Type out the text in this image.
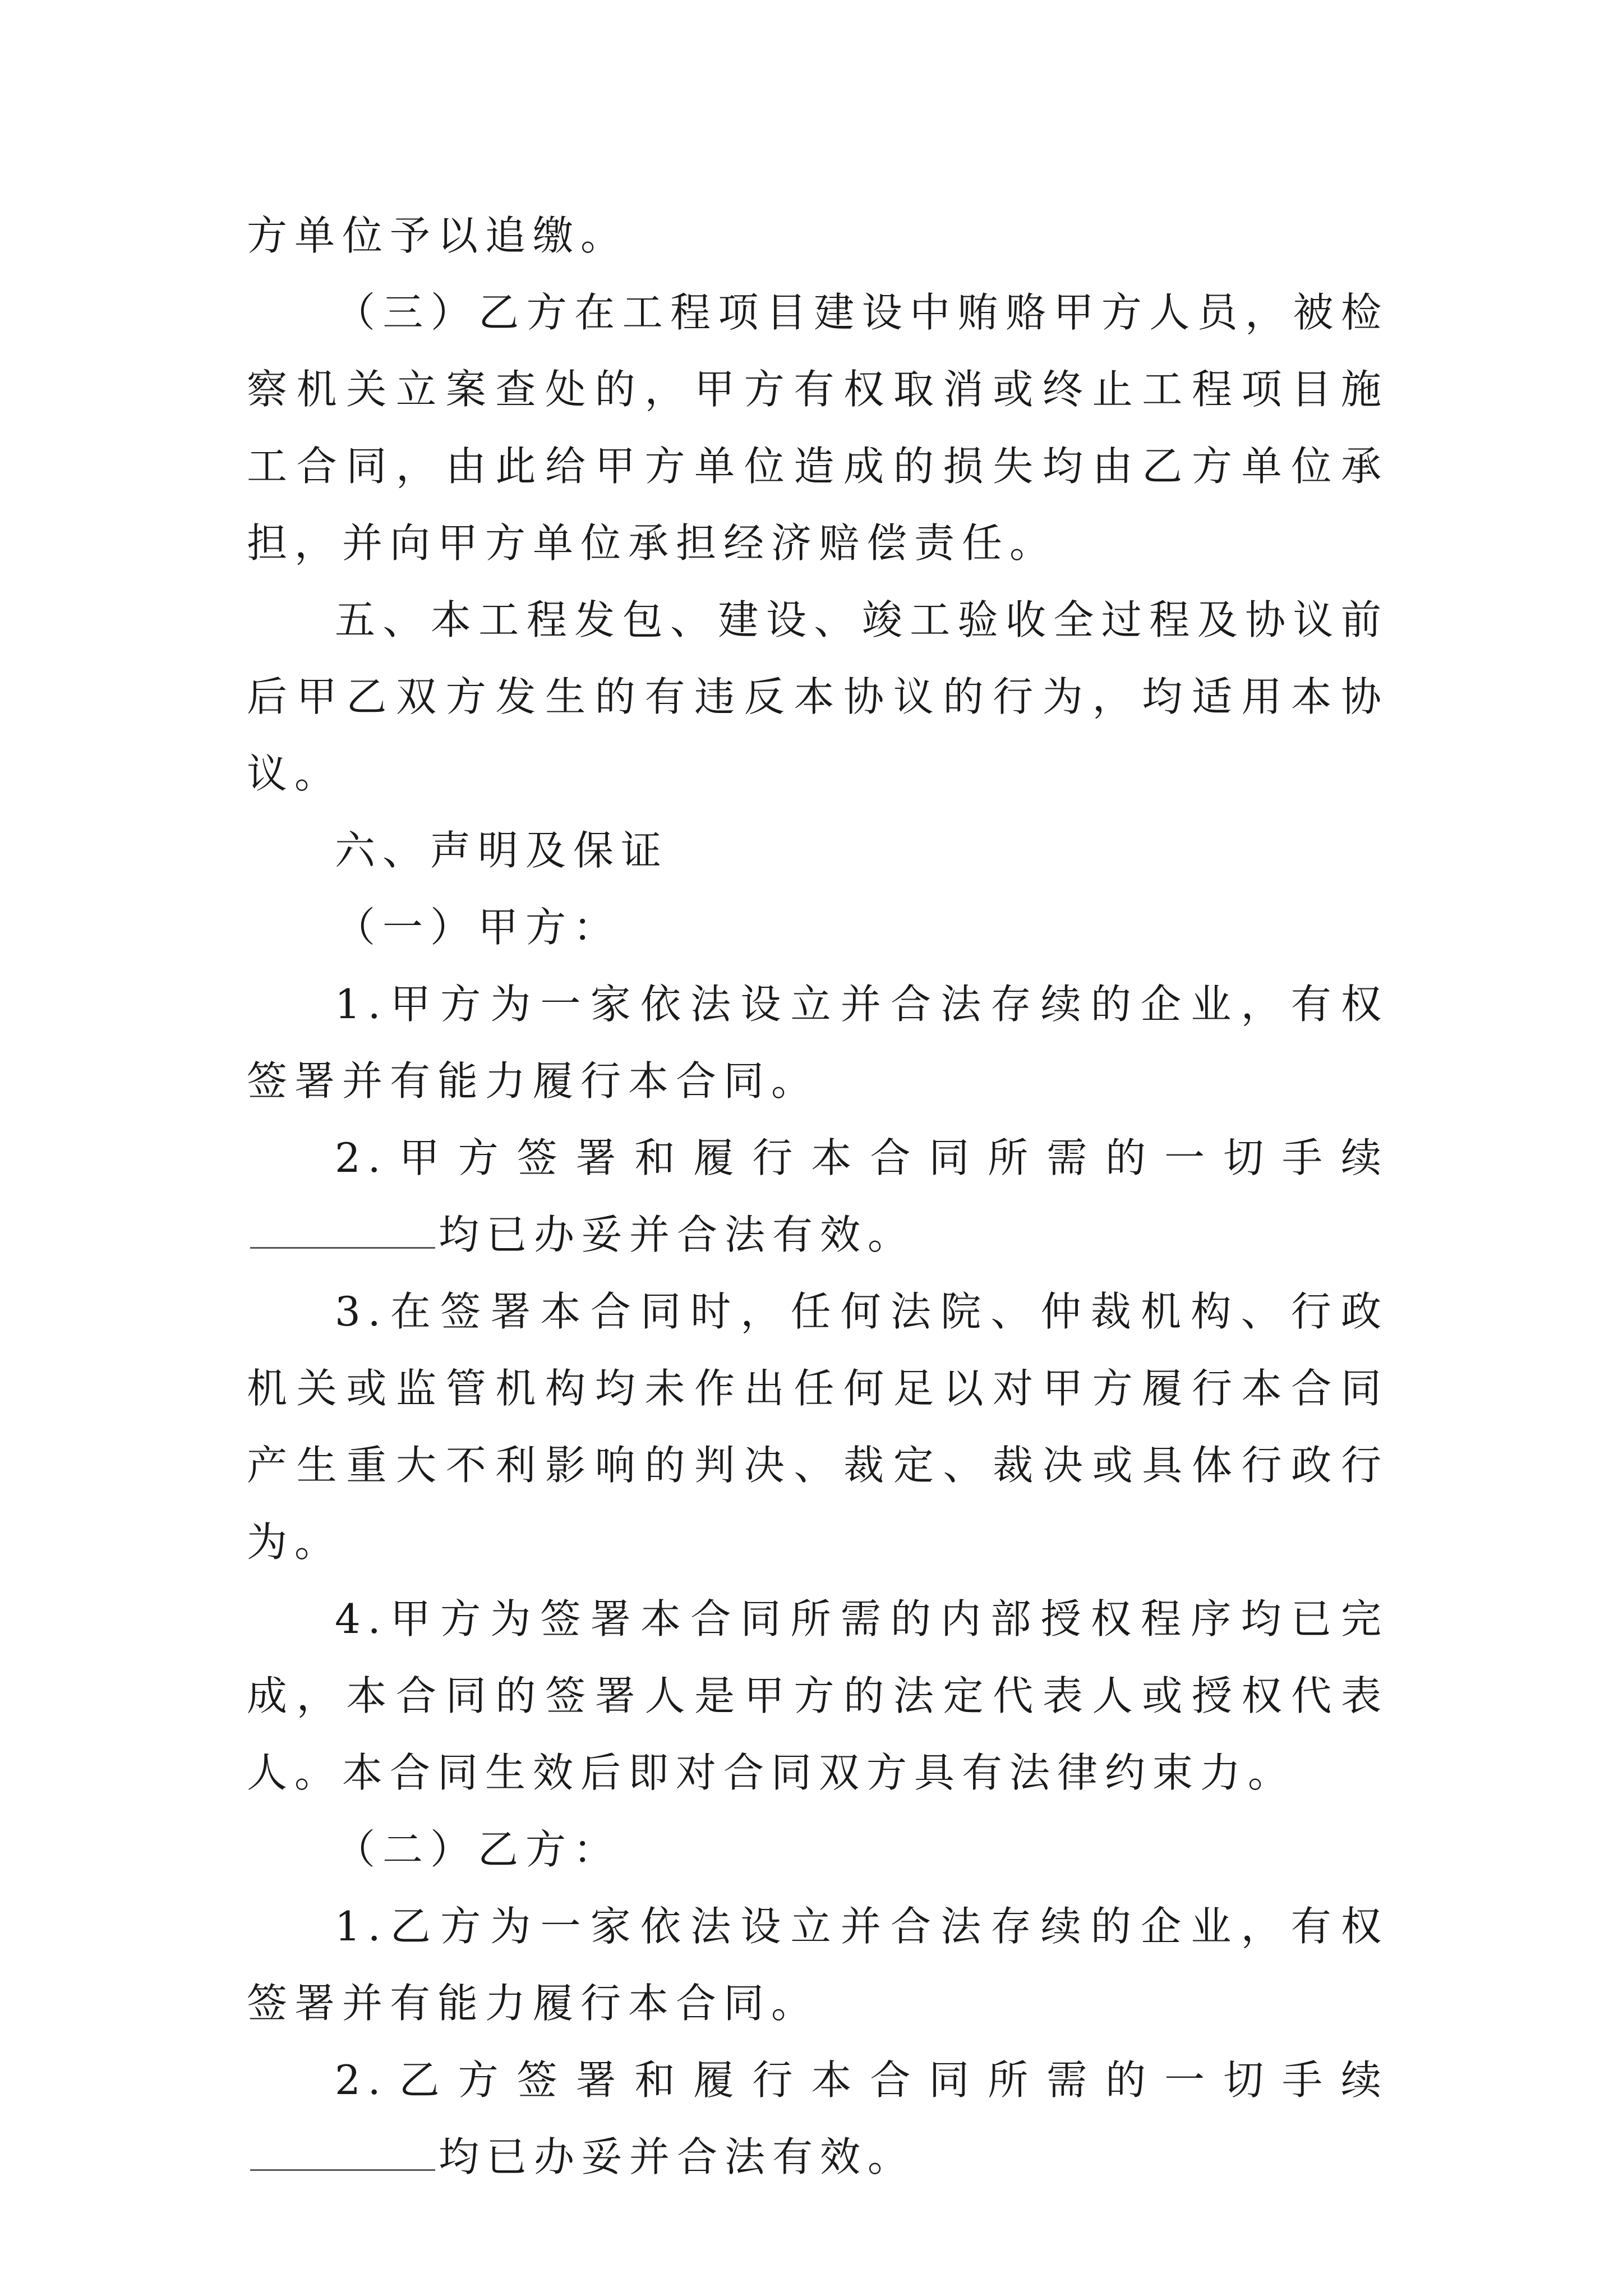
方单位予以追缴。

（三）乙方在工程项目建设中贿赂甲方人员，被检察机关立案查处的，甲方有权取消或终止工程项目施工合同，由此给甲方单位造成的损失均由乙方单位承担，并向甲方单位承担经济赔偿责任。

五、本工程发包、建设、竣工验收全过程及协议前后甲乙双方发生的有违反本协议的行为，均适用本协议。

六、声明及保证

（一）甲方：

1.甲方为一家依法设立并合法存续的企业，有权签署并有能力履行本合同。

2.甲方签署和履行本合同所需的一切手续均已办妥并合法有效。

3.在签署本合同时，任何法院、仲裁机构、行政机关或监管机构均未作出任何足以对甲方履行本合同产生重大不利影响的判决、裁定、裁决或具体行政行为。

4.甲方为签署本合同所需的内部授权程序均已完成，本合同的签署人是甲方的法定代表人或授权代表人。本合同生效后即对合同双方具有法律约束力。

（二）乙方：

1.乙方为一家依法设立并合法存续的企业，有权签署并有能力履行本合同。

2.乙方签署和履行本合同所需的一切手续均已办妥并合法有效。
